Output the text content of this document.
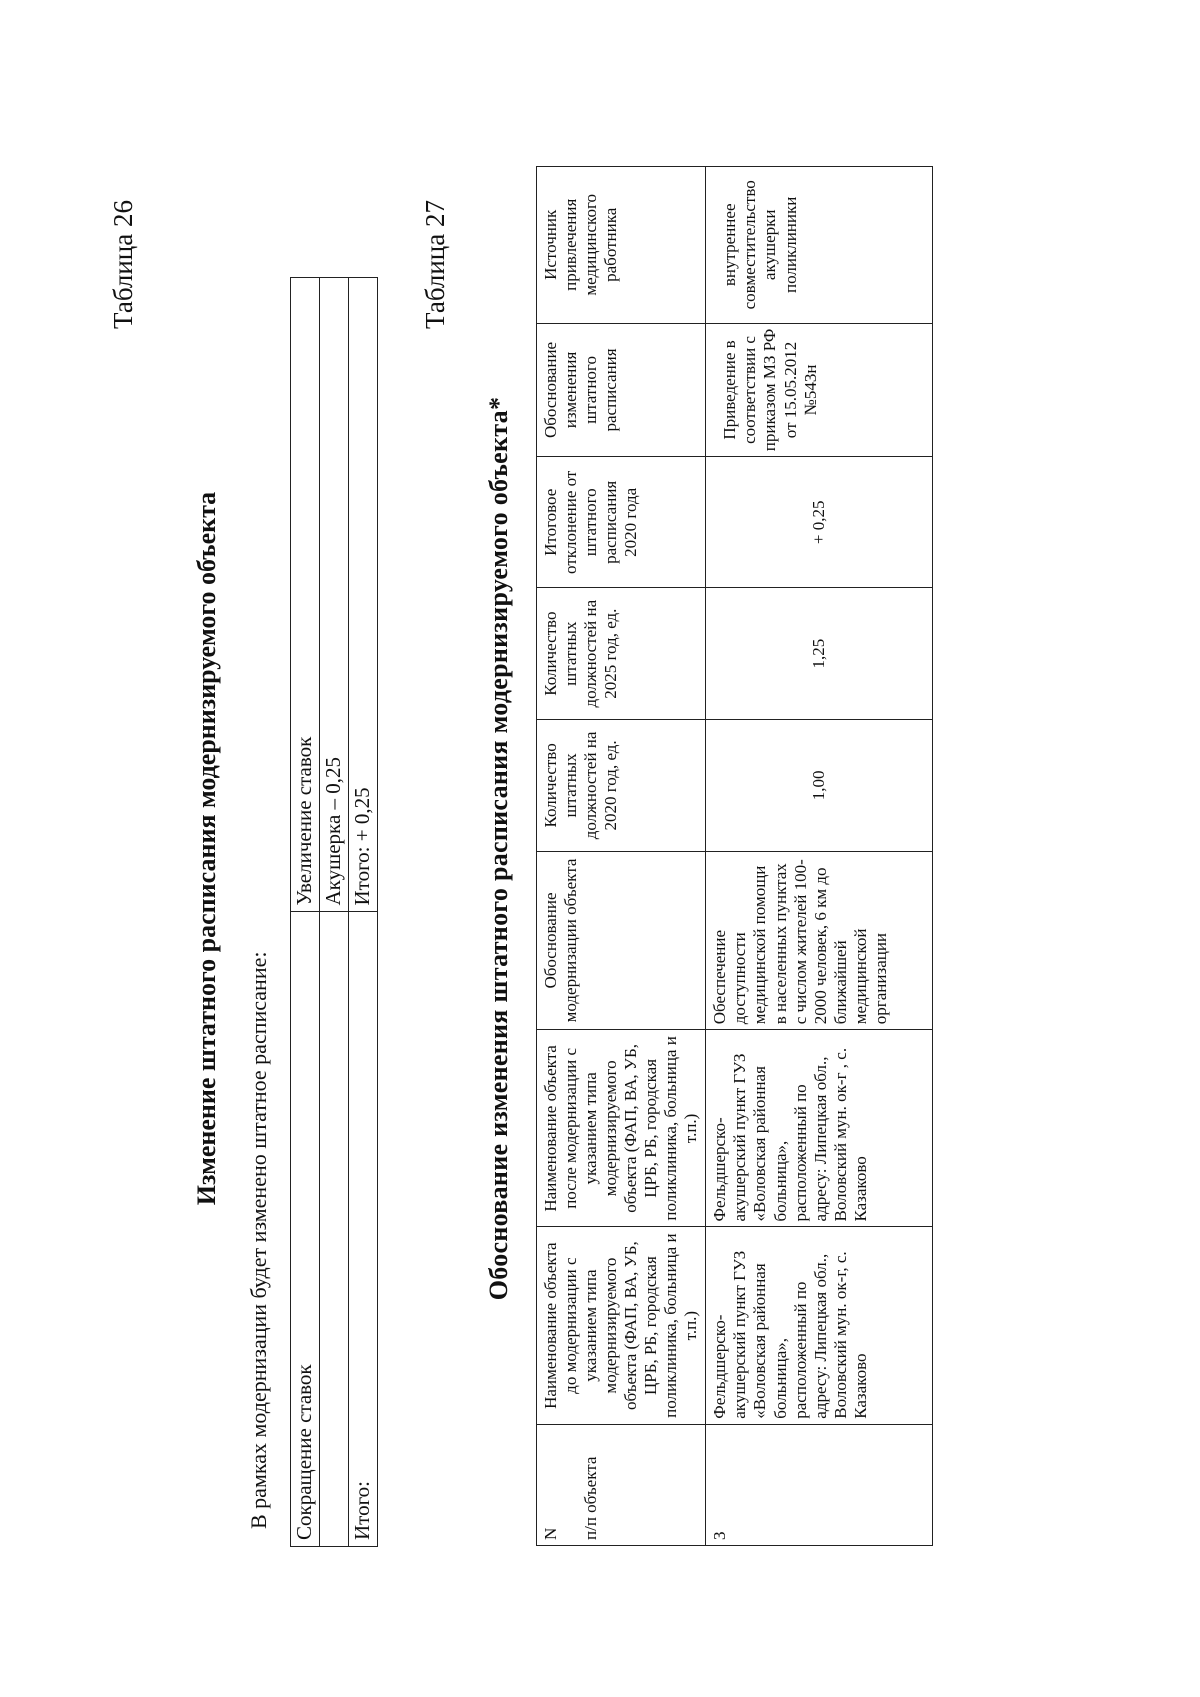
Таблица 26
Изменение штатного расписания модернизируемого объекта
В рамках модернизации будет изменено штатное расписание: Сокращение ставок	Увеличение ставок
	Акушерка – 0,25
Итого:	Итого: + 0,25
Таблица 27
Обоснование изменения штатного расписания модернизируемого объекта*
N

п/п объекта	Наименование объекта до модернизации с указанием типа модернизируемого объекта (ФАП, ВА, УБ, ЦРБ, РБ, городская поликлиника, больница и т.п.)	Наименование объекта после модернизации с указанием типа модернизируемого объекта (ФАП, ВА, УБ, ЦРБ, РБ, городская поликлиника, больница и т.п.)	Обоснование модернизации объекта	Количество штатных должностей на 2020 год, ед.	Количество штатных должностей на 2025 год, ед.	Итоговое отклонение от штатного расписания 2020 года	Обоснование изменения штатного расписания	Источник привлечения медицинского работника
3	Фельдшерско-акушерский пункт ГУЗ «Воловская районная больница», расположенный по адресу: Липецкая обл., Воловский мун. ок-г, с. Казаково	Фельдшерско-акушерский пункт ГУЗ «Воловская районная больница», расположенный по адресу: Липецкая обл., Воловский мун. ок-г , с. Казаково	Обеспечение доступности медицинской помощи в населенных пунктах с числом жителей 100-2000 человек, 6 км до ближайшей медицинской организации	1,00	1,25	+ 0,25	Приведение в соответствии с приказом МЗ РФ от 15.05.2012 №543н	внутреннее совместительство акушерки поликлиники
